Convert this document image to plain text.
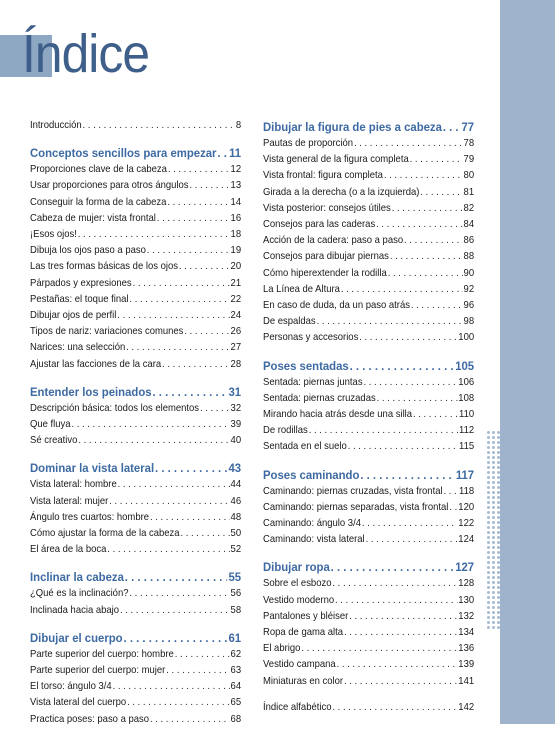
Índice
Introducción . . .	8
Conceptos sencillos para empezar . . . 11
Proporciones clave de la cabeza . . .	12
Usar proporciones para otros ángulos . . .	13
Conseguir la forma de la cabeza . . .	14
Cabeza de mujer: vista frontal . . .	16
¡Esos ojos! . . .	18
Dibuja los ojos paso a paso . . .	19
Las tres formas básicas de los ojos . . .	20
Párpados y expresiones . . .	21
Pestañas: el toque final . . .	22
Dibujar ojos de perfil . . .	24
Tipos de nariz: variaciones comunes . . .	26
Narices: una selección . . .	27
Ajustar las facciones de la cara . . .	28
Entender los peinados . . .	31
Descripción básica: todos los elementos . . .	32
Que fluya . . .	39
Sé creativo . . .	40
Dominar la vista lateral . . .	43
Vista lateral: hombre . . .	44
Vista lateral: mujer . . .	46
Ángulo tres cuartos: hombre . . .	48
Cómo ajustar la forma de la cabeza . . .	50
El área de la boca . . .	52
Inclinar la cabeza . . .	55
¿Qué es la inclinación? . . .	56
Inclinada hacia abajo . . .	58
Dibujar el cuerpo . . .	61
Parte superior del cuerpo: hombre . . .	62
Parte superior del cuerpo: mujer . . .	63
El torso: ángulo 3/4 . . .	64
Vista lateral del cuerpo . . .	65
Practica poses: paso a paso . . .	68
Dibujar la figura de pies a cabeza . . . 77
Pautas de proporción . . .	78
Vista general de la figura completa . . .	79
Vista frontal: figura completa . . .	80
Girada a la derecha (o a la izquierda) . . .	81
Vista posterior: consejos útiles . . .	82
Consejos para las caderas . . .	84
Acción de la cadera: paso a paso . . .	86
Consejos para dibujar piernas . . .	88
Cómo hiperextender la rodilla . . .	90
La Línea de Altura . . .	92
En caso de duda, da un paso atrás . . .	96
De espaldas . . .	98
Personas y accesorios . . .	100
Poses sentadas . . .	105
Sentada: piernas juntas . . .	106
Sentada: piernas cruzadas . . .	108
Mirando hacia atrás desde una silla . . .	110
De rodillas . . .	112
Sentada en el suelo . . .	115
Poses caminando . . .	117
Caminando: piernas cruzadas, vista frontal . . . 118
Caminando: piernas separadas, vista frontal . . . 120
Caminando: ángulo 3/4 . . .	122
Caminando: vista lateral . . .	124
Dibujar ropa . . .	127
Sobre el esbozo . . .	128
Vestido moderno . . .	130
Pantalones y bléiser . . .	132
Ropa de gama alta . . .	134
El abrigo . . .	136
Vestido campana . . .	139
Miniaturas en color . . .	141
Índice alfabético . . .	142
